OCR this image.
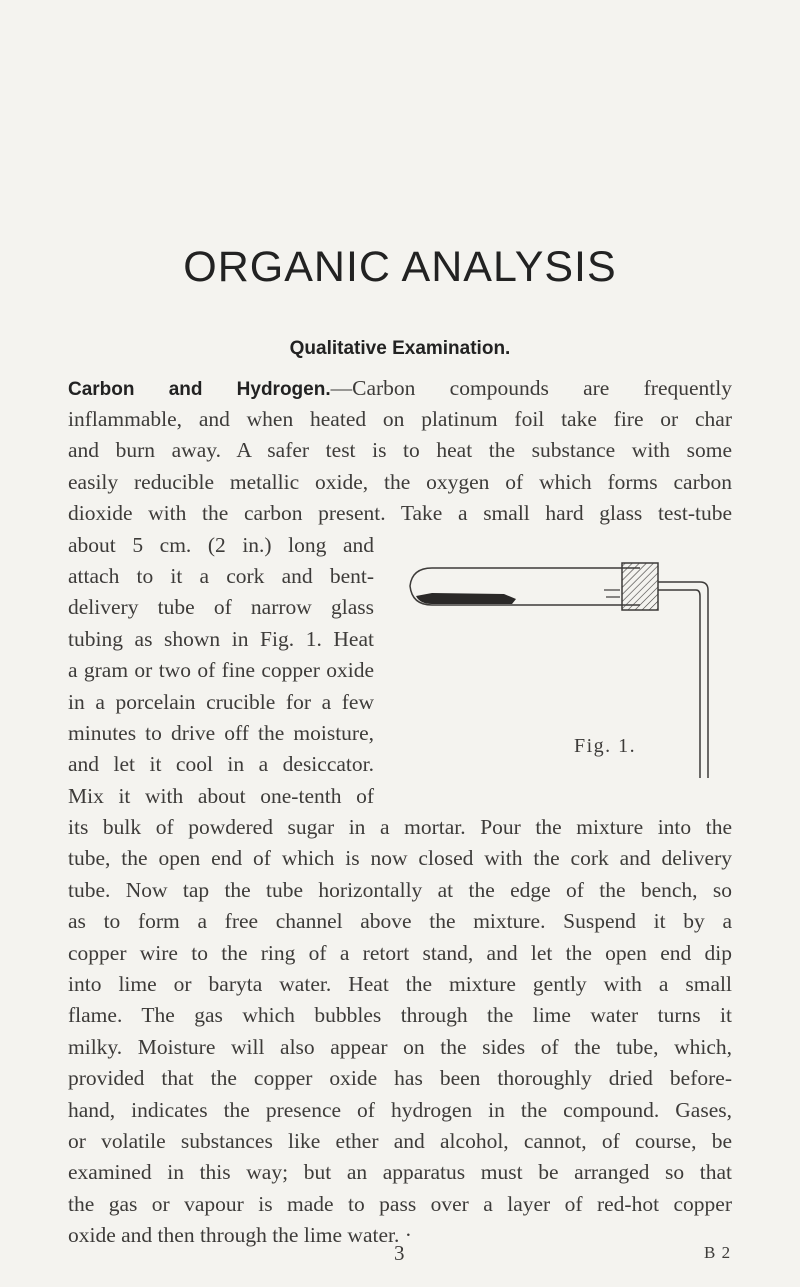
ORGANIC ANALYSIS
Qualitative Examination.
Carbon and Hydrogen.—Carbon compounds are frequently
inflammable, and when heated on platinum foil take fire or char
and burn away. A safer test is to heat the substance with some
easily reducible metallic oxide, the oxygen of which forms carbon
dioxide with the carbon present. Take a small hard glass test-tube
about 5 cm. (2 in.) long and
attach to it a cork and bent-
delivery tube of narrow glass
tubing as shown in Fig. 1. Heat
a gram or two of fine copper oxide
in a porcelain crucible for a few
minutes to drive off the moisture,
and let it cool in a desiccator.
Mix it with about one-tenth of
its bulk of powdered sugar in a mortar. Pour the mixture into the
tube, the open end of which is now closed with the cork and delivery
tube. Now tap the tube horizontally at the edge of the bench, so
as to form a free channel above the mixture. Suspend it by a
copper wire to the ring of a retort stand, and let the open end dip
into lime or baryta water. Heat the mixture gently with a small
flame. The gas which bubbles through the lime water turns it
milky. Moisture will also appear on the sides of the tube, which,
provided that the copper oxide has been thoroughly dried before-
hand, indicates the presence of hydrogen in the compound. Gases,
or volatile substances like ether and alcohol, cannot, of course, be
examined in this way; but an apparatus must be arranged so that
the gas or vapour is made to pass over a layer of red-hot copper
oxide and then through the lime water. ·
Fig. 1.
3	B 2
